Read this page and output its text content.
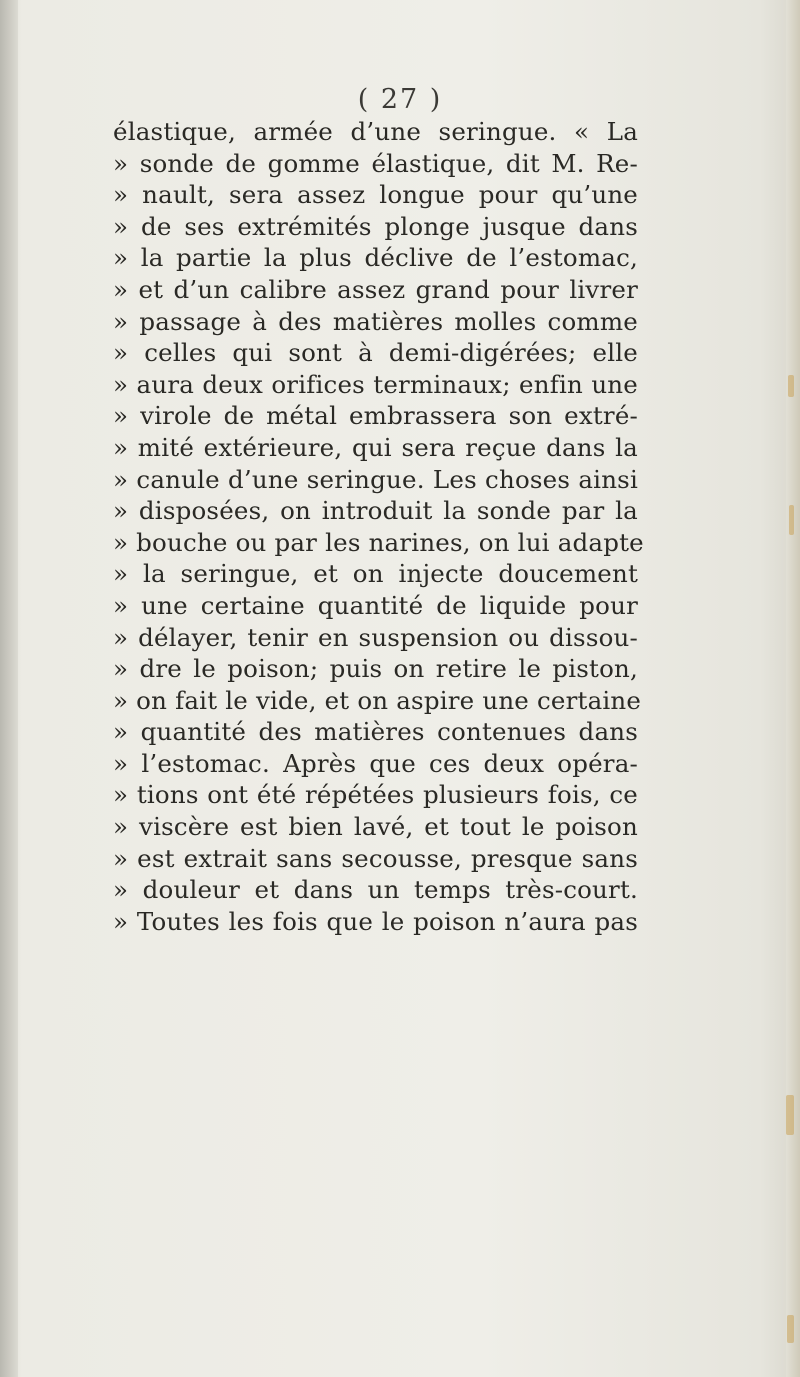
( 27 )
élastique, armée d’une seringue. « La
» sonde de gomme élastique, dit M. Re-
» nault, sera assez longue pour qu’une
» de ses extrémités plonge jusque dans
» la partie la plus déclive de l’estomac,
» et d’un calibre assez grand pour livrer
» passage à des matières molles comme
» celles qui sont à demi-digérées; elle
» aura deux orifices terminaux; enfin une
» virole de métal embrassera son extré-
» mité extérieure, qui sera reçue dans la
» canule d’une seringue. Les choses ainsi
» disposées, on introduit la sonde par la
» bouche ou par les narines, on lui adapte
» la seringue, et on injecte doucement
» une certaine quantité de liquide pour
» délayer, tenir en suspension ou dissou-
» dre le poison; puis on retire le piston,
» on fait le vide, et on aspire une certaine
» quantité des matières contenues dans
» l’estomac. Après que ces deux opéra-
» tions ont été répétées plusieurs fois, ce
» viscère est bien lavé, et tout le poison
» est extrait sans secousse, presque sans
» douleur et dans un temps très-court.
» Toutes les fois que le poison n’aura pas
